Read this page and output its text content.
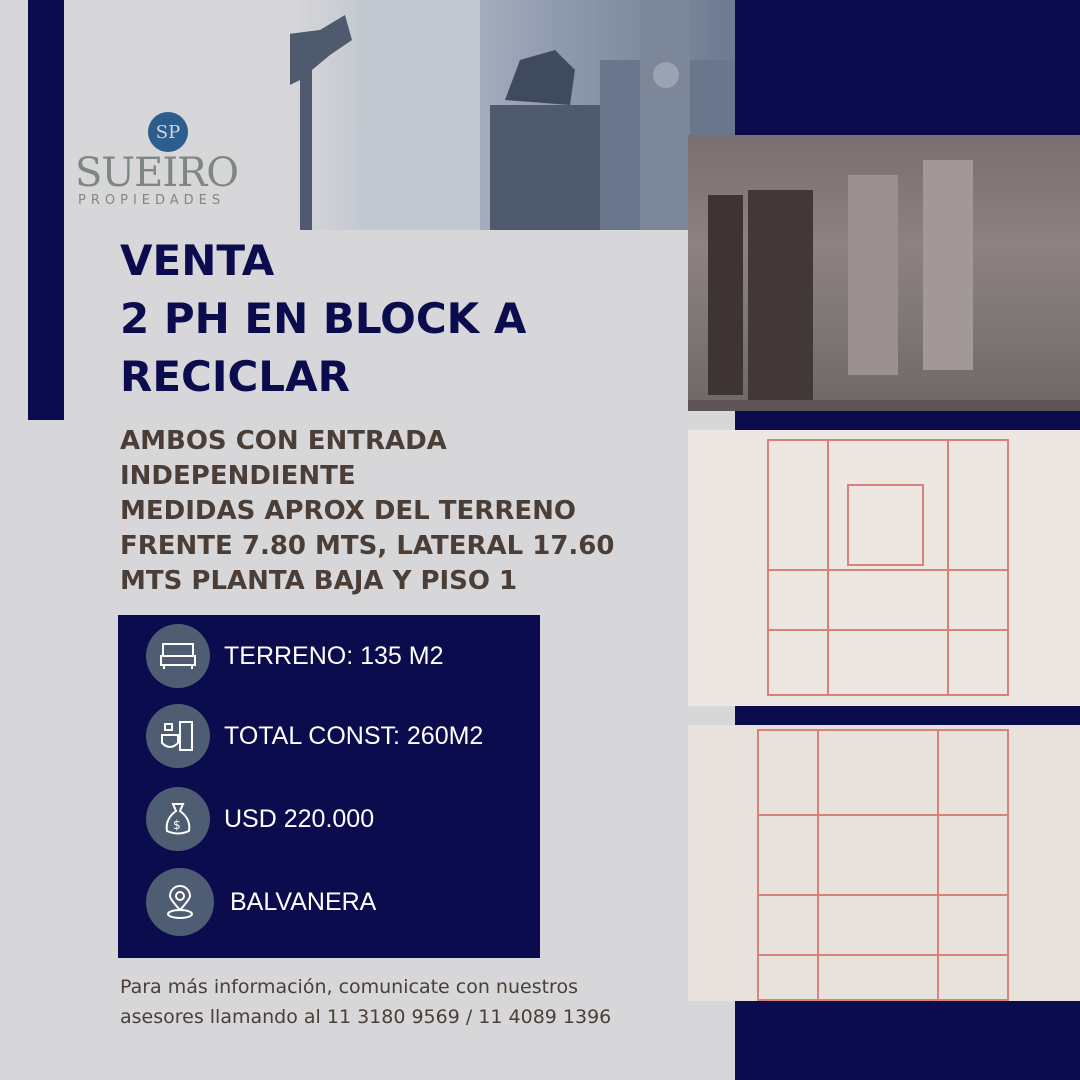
SP
SUEIRO
PROPIEDADES
VENTA
2 PH EN BLOCK A
RECICLAR
AMBOS CON ENTRADA
INDEPENDIENTE
MEDIDAS APROX DEL TERRENO
FRENTE 7.80 MTS, LATERAL 17.60
MTS PLANTA BAJA Y PISO 1
TERRENO: 135 M2
TOTAL CONST: 260M2
$ USD 220.000
BALVANERA
Para más información, comunicate con nuestros
asesores llamando al 11 3180 9569 / 11 4089 1396
